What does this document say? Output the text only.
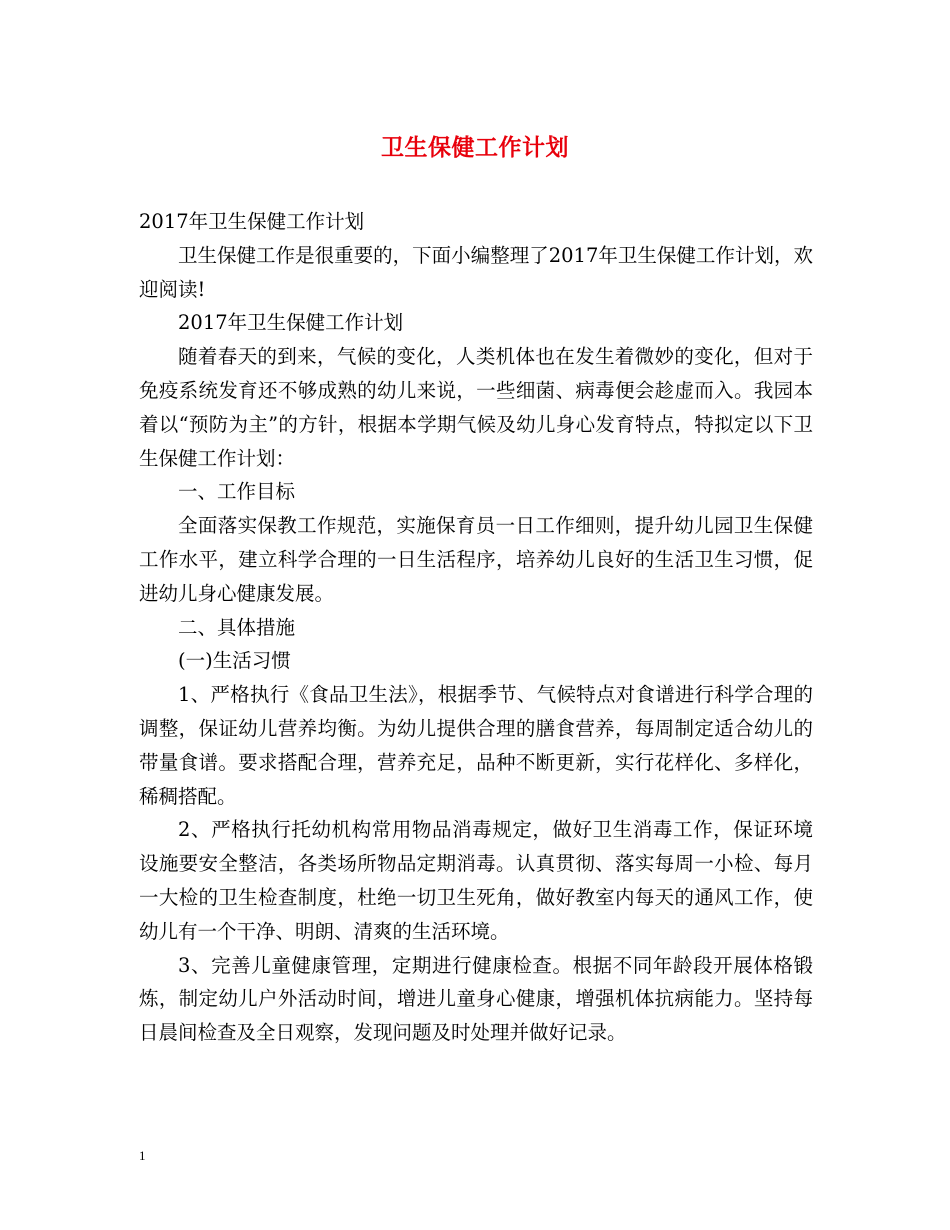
卫生保健工作计划

2017年卫生保健工作计划

卫生保健工作是很重要的，下面小编整理了2017年卫生保健工作计划，欢迎阅读!

2017年卫生保健工作计划

随着春天的到来，气候的变化，人类机体也在发生着微妙的变化，但对于免疫系统发育还不够成熟的幼儿来说，一些细菌、病毒便会趁虚而入。我园本着以“预防为主”的方针，根据本学期气候及幼儿身心发育特点，特拟定以下卫生保健工作计划：

一、工作目标

全面落实保教工作规范，实施保育员一日工作细则，提升幼儿园卫生保健工作水平，建立科学合理的一日生活程序，培养幼儿良好的生活卫生习惯，促进幼儿身心健康发展。

二、具体措施

(一)生活习惯

1、严格执行《食品卫生法》，根据季节、气候特点对食谱进行科学合理的调整，保证幼儿营养均衡。为幼儿提供合理的膳食营养，每周制定适合幼儿的带量食谱。要求搭配合理，营养充足，品种不断更新，实行花样化、多样化，稀稠搭配。

2、严格执行托幼机构常用物品消毒规定，做好卫生消毒工作，保证环境设施要安全整洁，各类场所物品定期消毒。认真贯彻、落实每周一小检、每月一大检的卫生检查制度，杜绝一切卫生死角，做好教室内每天的通风工作，使幼儿有一个干净、明朗、清爽的生活环境。

3、完善儿童健康管理，定期进行健康检查。根据不同年龄段开展体格锻炼，制定幼儿户外活动时间，增进儿童身心健康，增强机体抗病能力。坚持每日晨间检查及全日观察，发现问题及时处理并做好记录。

1
